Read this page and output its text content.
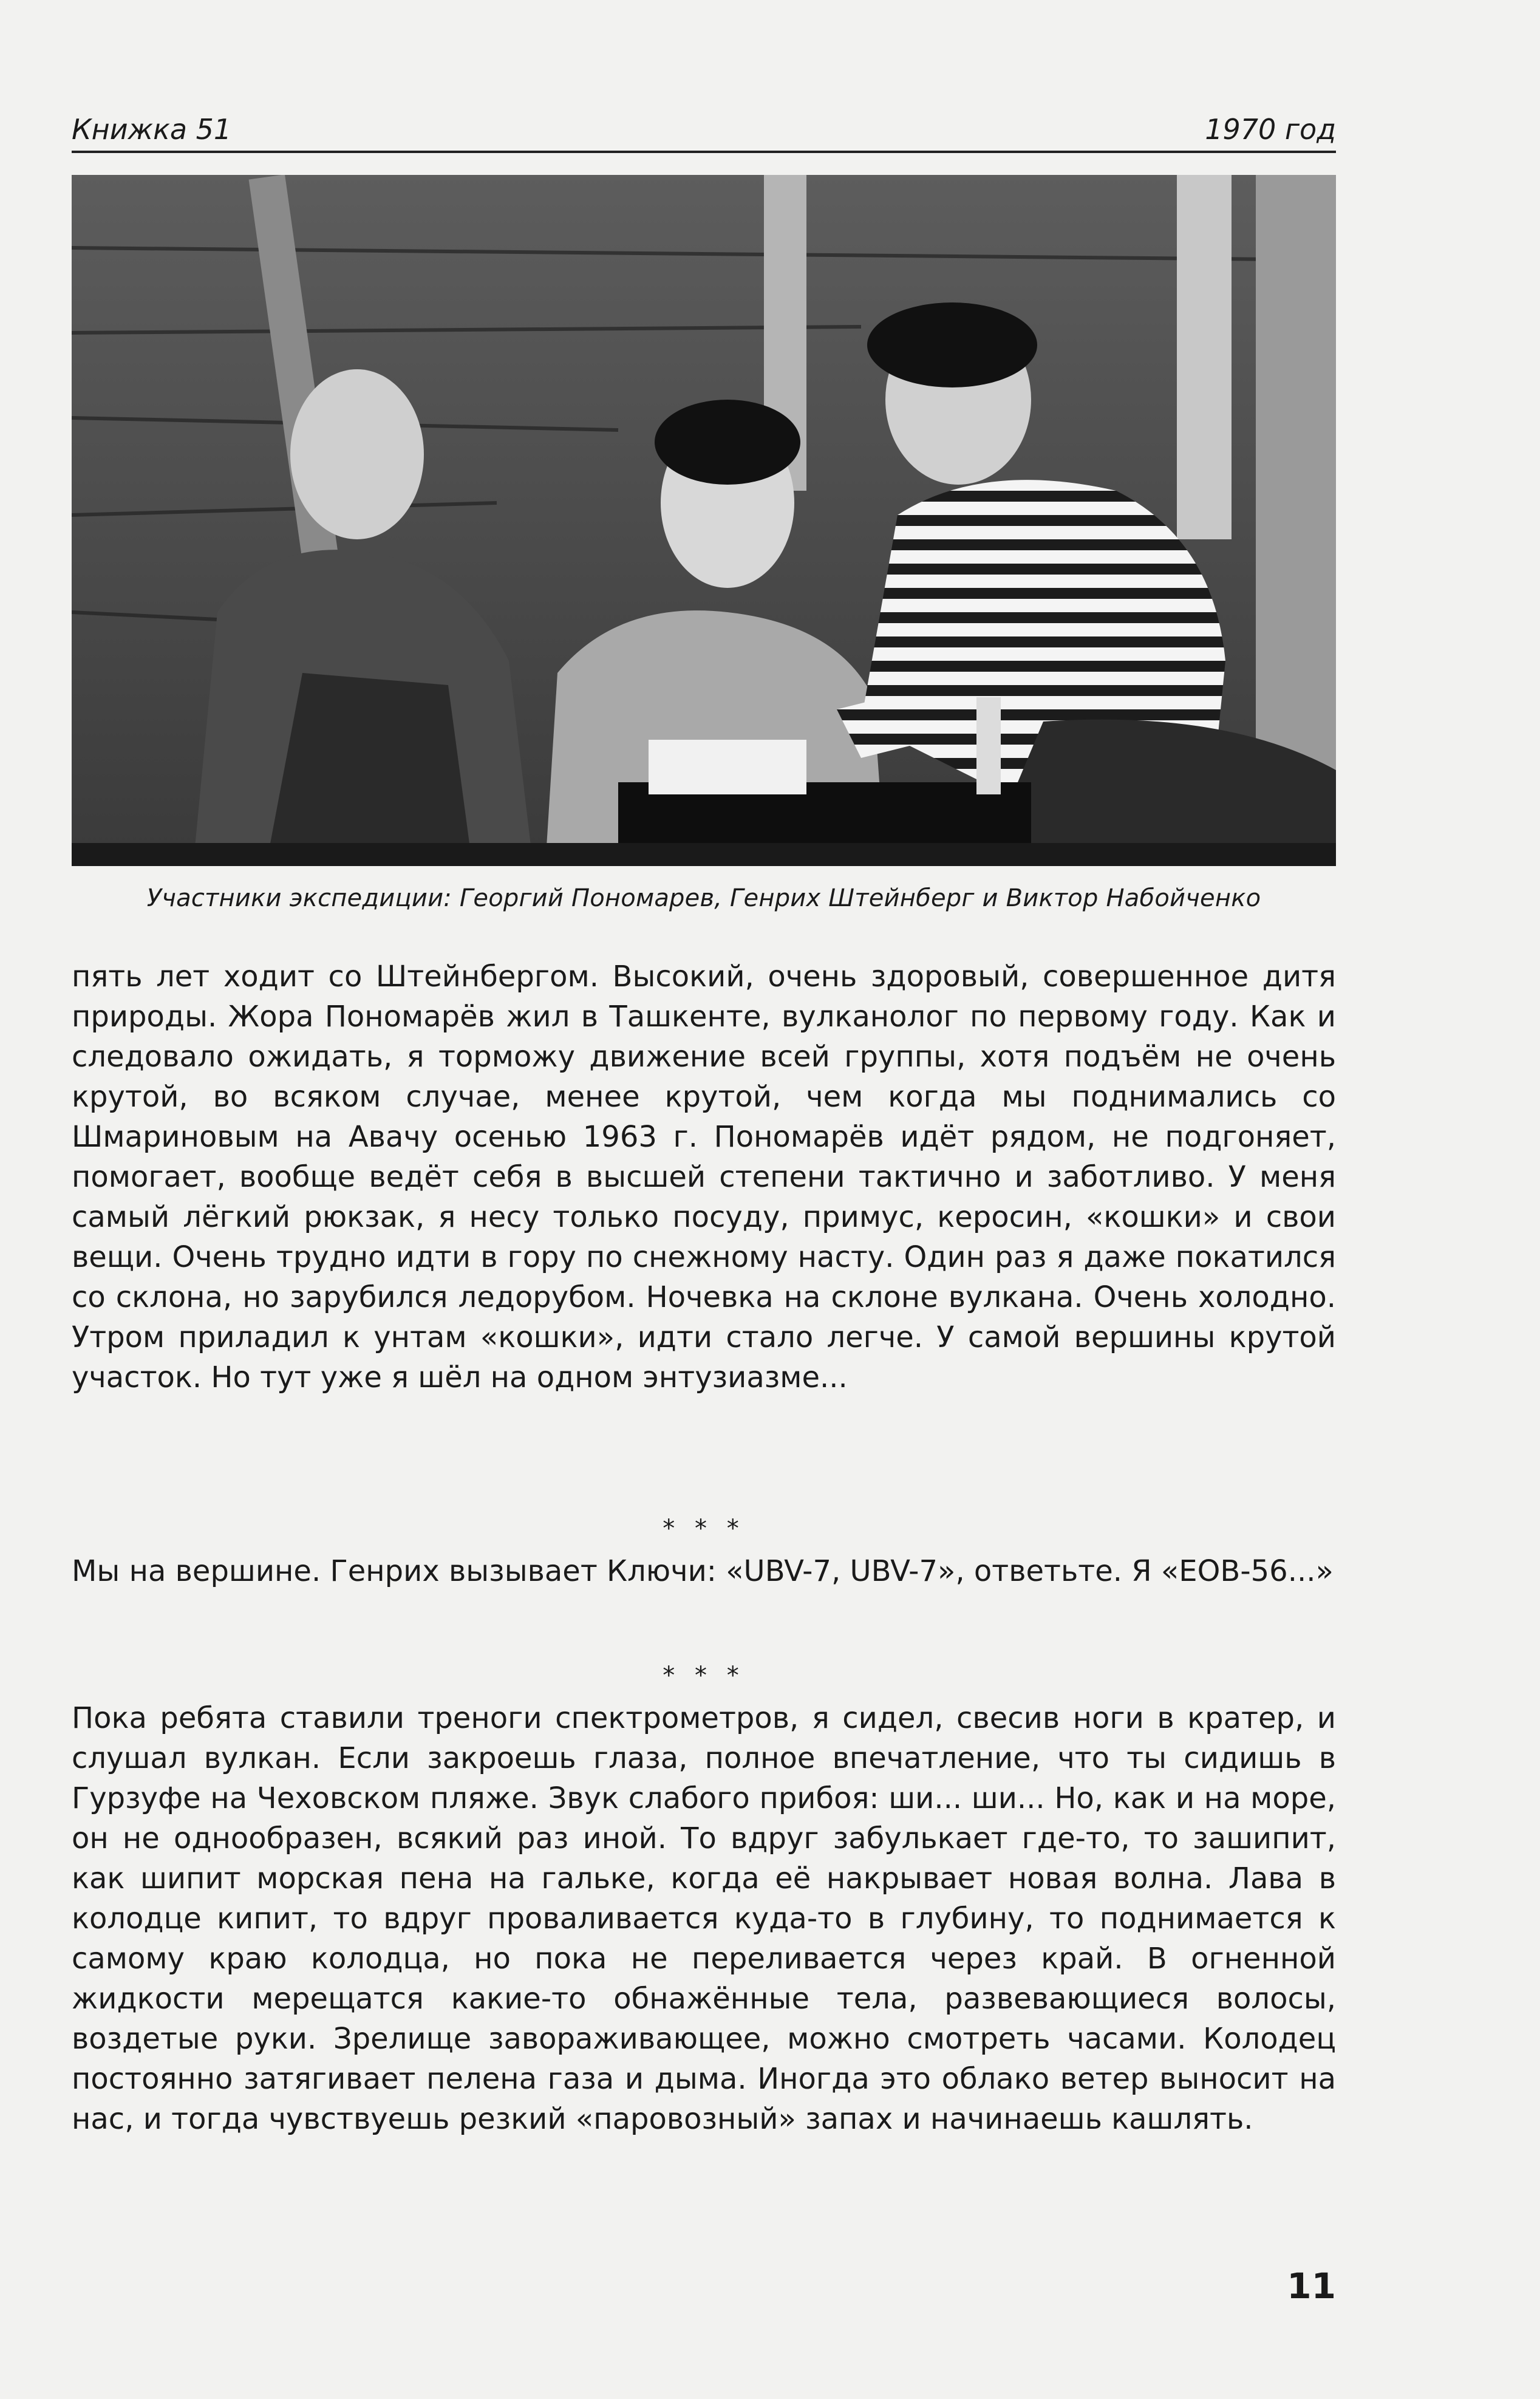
Книжка 51	1970 год
Участники экспедиции: Георгий Пономарев, Генрих Штейнберг и Виктор Набойченко

пять лет ходит со Штейнбергом. Высокий, очень здоровый, совершенное дитя природы. Жора Пономарёв жил в Ташкенте, вулканолог по первому году. Как и следовало ожидать, я торможу движение всей группы, хотя подъём не очень крутой, во всяком случае, менее крутой, чем когда мы поднимались со Шмариновым на Авачу осенью 1963 г. Пономарёв идёт рядом, не подгоняет, помогает, вообще ведёт себя в высшей степени тактично и заботливо. У меня самый лёгкий рюкзак, я несу только посуду, примус, керосин, «кошки» и свои вещи. Очень трудно идти в гору по снежному насту. Один раз я даже покатился со склона, но зарубился ледорубом. Ночевка на склоне вулкана. Очень холодно. Утром приладил к унтам «кошки», идти стало легче. У самой вершины крутой участок. Но тут уже я шёл на одном энтузиазме...

* * *

Мы на вершине. Генрих вызывает Ключи: «UBV-7, UBV-7», ответьте. Я «EOB-56...»

* * *

Пока ребята ставили треноги спектрометров, я сидел, свесив ноги в кратер, и слушал вулкан. Если закроешь глаза, полное впечатление, что ты сидишь в Гурзуфе на Чеховском пляже. Звук слабого прибоя: ши... ши... Но, как и на море, он не однообразен, всякий раз иной. То вдруг забулькает где-то, то зашипит, как шипит морская пена на гальке, когда её накрывает новая волна. Лава в колодце кипит, то вдруг проваливается куда-то в глубину, то поднимается к самому краю колодца, но пока не переливается через край. В огненной жидкости мерещатся какие-то обнажённые тела, развевающиеся волосы, воздетые руки. Зрелище завораживающее, можно смотреть часами. Колодец постоянно затягивает пелена газа и дыма. Иногда это облако ветер выносит на нас, и тогда чувствуешь резкий «паровозный» запах и начинаешь кашлять.

11
